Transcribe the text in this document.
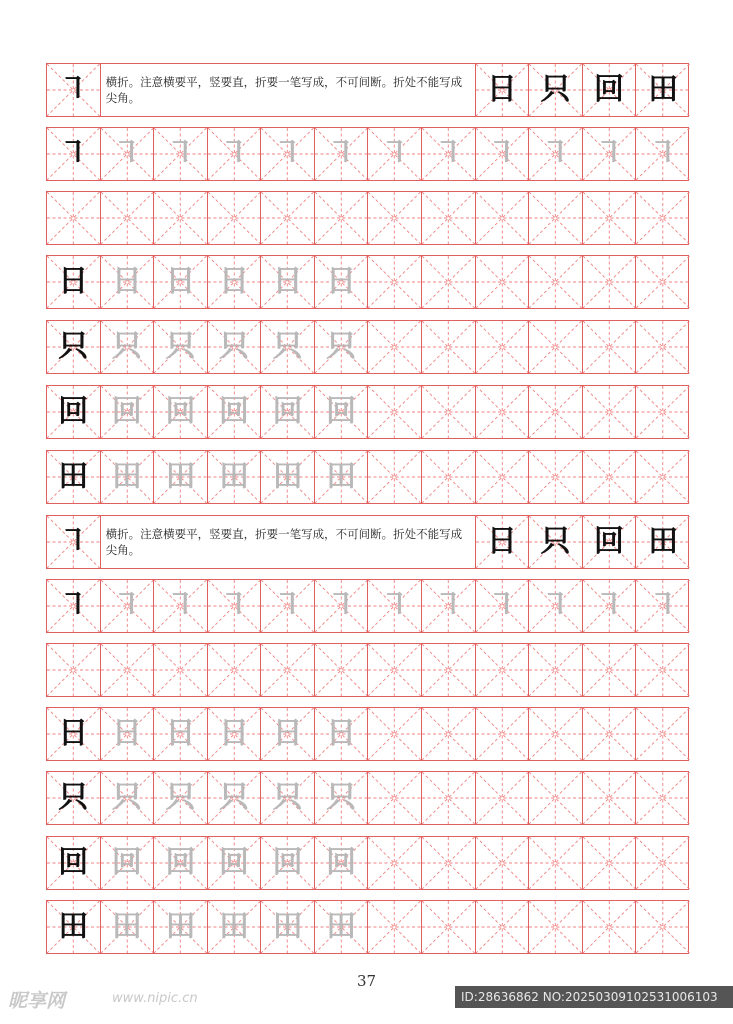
㇕	横折。注意横要平，竖要直，折要一笔写成，不可间断。折处不能写成尖角。	日 只 回 田
㇕ ㇕ ㇕ ㇕ ㇕ ㇕ ㇕ ㇕ ㇕ ㇕ ㇕ ㇕
日 日 日 日 日 日
只 只 只 只 只 只
回 回 回 回 回 回
田 田 田 田 田 田
㇕	横折。注意横要平，竖要直，折要一笔写成，不可间断。折处不能写成尖角。	日 只 回 田
㇕ ㇕ ㇕ ㇕ ㇕ ㇕ ㇕ ㇕ ㇕ ㇕ ㇕ ㇕
日 日 日 日 日 日
只 只 只 只 只 只
回 回 回 回 回 回
田 田 田 田 田 田
37
昵享网	www.nipic.cn	ID:28636862 NO:20250309102531006103
